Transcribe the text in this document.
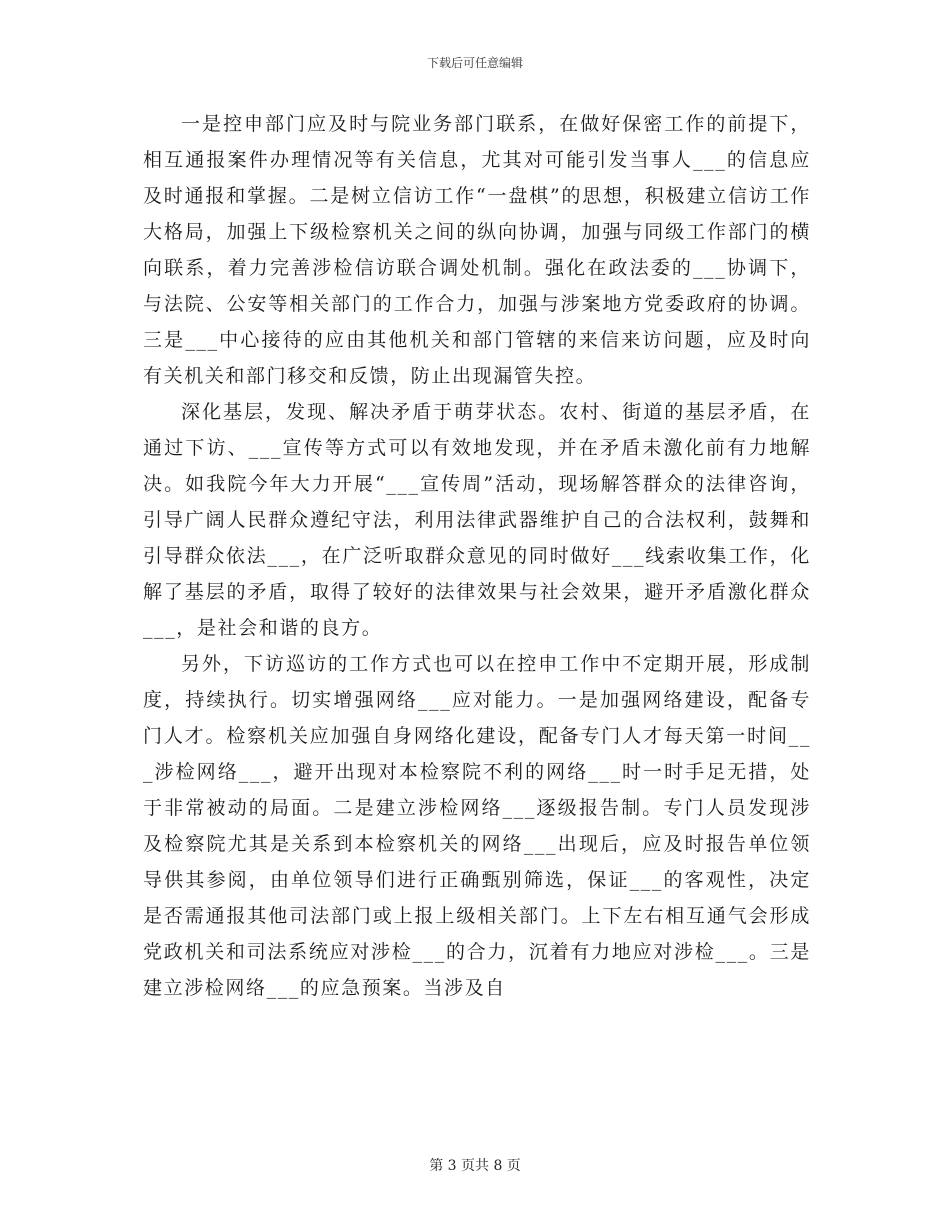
下载后可任意编辑

一是控申部门应及时与院业务部门联系，在做好保密工作的前提下，相互通报案件办理情况等有关信息，尤其对可能引发当事人___的信息应及时通报和掌握。二是树立信访工作“一盘棋”的思想，积极建立信访工作大格局，加强上下级检察机关之间的纵向协调，加强与同级工作部门的横向联系，着力完善涉检信访联合调处机制。强化在政法委的___协调下，与法院、公安等相关部门的工作合力，加强与涉案地方党委政府的协调。三是___中心接待的应由其他机关和部门管辖的来信来访问题，应及时向有关机关和部门移交和反馈，防止出现漏管失控。

深化基层，发现、解决矛盾于萌芽状态。农村、街道的基层矛盾，在通过下访、___宣传等方式可以有效地发现，并在矛盾未激化前有力地解决。如我院今年大力开展“___宣传周”活动，现场解答群众的法律咨询，引导广阔人民群众遵纪守法，利用法律武器维护自己的合法权利，鼓舞和引导群众依法___，在广泛听取群众意见的同时做好___线索收集工作，化解了基层的矛盾，取得了较好的法律效果与社会效果，避开矛盾激化群众___，是社会和谐的良方。

另外，下访巡访的工作方式也可以在控申工作中不定期开展，形成制度，持续执行。切实增强网络___应对能力。一是加强网络建设，配备专门人才。检察机关应加强自身网络化建设，配备专门人才每天第一时间___涉检网络___，避开出现对本检察院不利的网络___时一时手足无措，处于非常被动的局面。二是建立涉检网络___逐级报告制。专门人员发现涉及检察院尤其是关系到本检察机关的网络___出现后，应及时报告单位领导供其参阅，由单位领导们进行正确甄别筛选，保证___的客观性，决定是否需通报其他司法部门或上报上级相关部门。上下左右相互通气会形成党政机关和司法系统应对涉检___的合力，沉着有力地应对涉检___。三是建立涉检网络___的应急预案。当涉及自

第 3 页共 8 页
